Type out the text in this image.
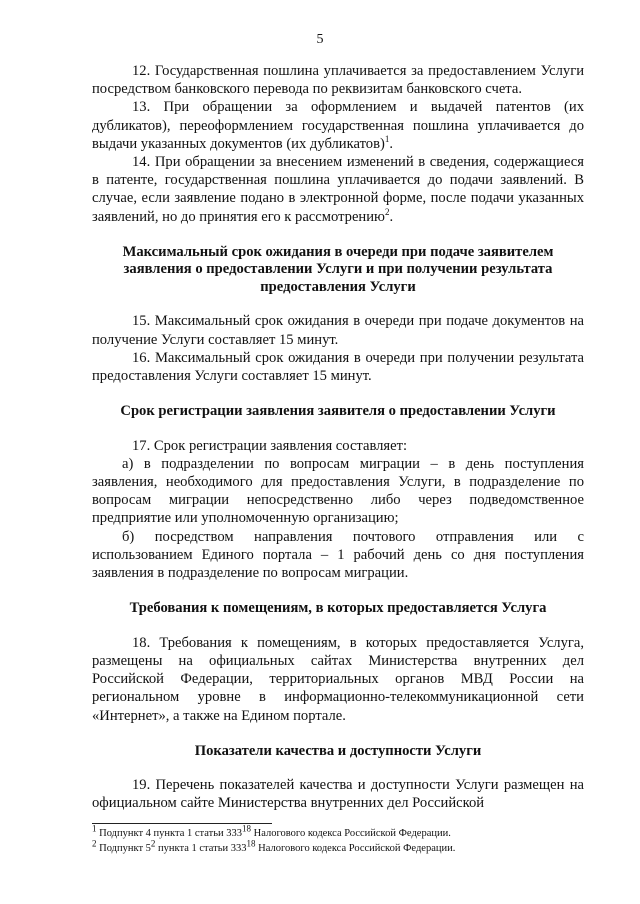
5

12. Государственная пошлина уплачивается за предоставлением Услуги посредством банковского перевода по реквизитам банковского счета.

13. При обращении за оформлением и выдачей патентов (их дубликатов), переоформлением государственная пошлина уплачивается до выдачи указанных документов (их дубликатов)$^1$.

14. При обращении за внесением изменений в сведения, содержащиеся в патенте, государственная пошлина уплачивается до подачи заявлений. В случае, если заявление подано в электронной форме, после подачи указанных заявлений, но до принятия его к рассмотрению$^2$.

Максимальный срок ожидания в очереди при подаче заявителем заявления о предоставлении Услуги и при получении результата предоставления Услуги

15. Максимальный срок ожидания в очереди при подаче документов на получение Услуги составляет 15 минут.

16. Максимальный срок ожидания в очереди при получении результата предоставления Услуги составляет 15 минут.

Срок регистрации заявления заявителя о предоставлении Услуги

17. Срок регистрации заявления составляет:

а) в подразделении по вопросам миграции – в день поступления заявления, необходимого для предоставления Услуги, в подразделение по вопросам миграции непосредственно либо через подведомственное предприятие или уполномоченную организацию;

б) посредством направления почтового отправления или с использованием Единого портала – 1 рабочий день со дня поступления заявления в подразделение по вопросам миграции.

Требования к помещениям, в которых предоставляется Услуга

18. Требования к помещениям, в которых предоставляется Услуга, размещены на официальных сайтах Министерства внутренних дел Российской Федерации, территориальных органов МВД России на региональном уровне в информационно-телекоммуникационной сети «Интернет», а также на Едином портале.

Показатели качества и доступности Услуги

19. Перечень показателей качества и доступности Услуги размещен на официальном сайте Министерства внутренних дел Российской

$^1$ Подпункт 4 пункта 1 статьи $333^{18}$ Налогового кодекса Российской Федерации.
$^2$ Подпункт $5^2$ пункта 1 статьи $333^{18}$ Налогового кодекса Российской Федерации.
